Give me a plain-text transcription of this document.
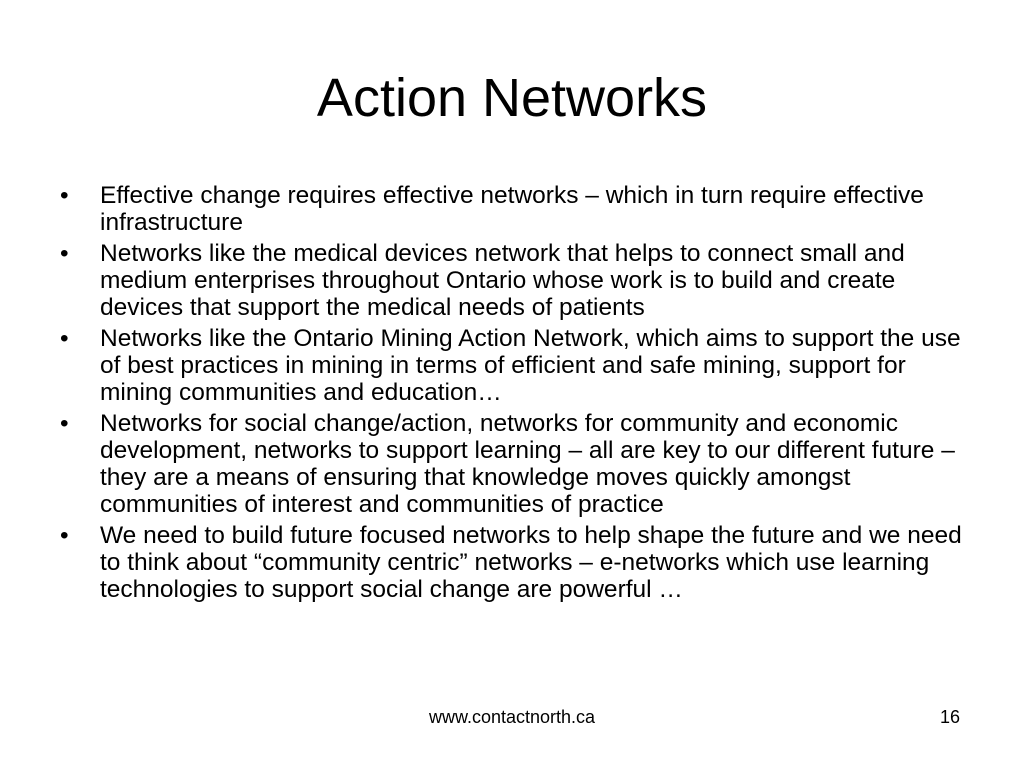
Action Networks
• Effective change requires effective networks – which in turn require effective infrastructure
• Networks like the medical devices network that helps to connect small and medium enterprises throughout Ontario whose work is to build and create devices that support the medical needs of patients
• Networks like the Ontario Mining Action Network, which aims to support the use of best practices in mining in terms of efficient and safe mining, support for mining communities and education…
• Networks for social change/action, networks for community and economic development, networks to support learning – all are key to our different future – they are a means of ensuring that knowledge moves quickly amongst communities of interest and communities of practice
• We need to build future focused networks to help shape the future and we need to think about “community centric” networks – e-networks which use learning technologies to support social change are powerful …
www.contactnorth.ca	16
